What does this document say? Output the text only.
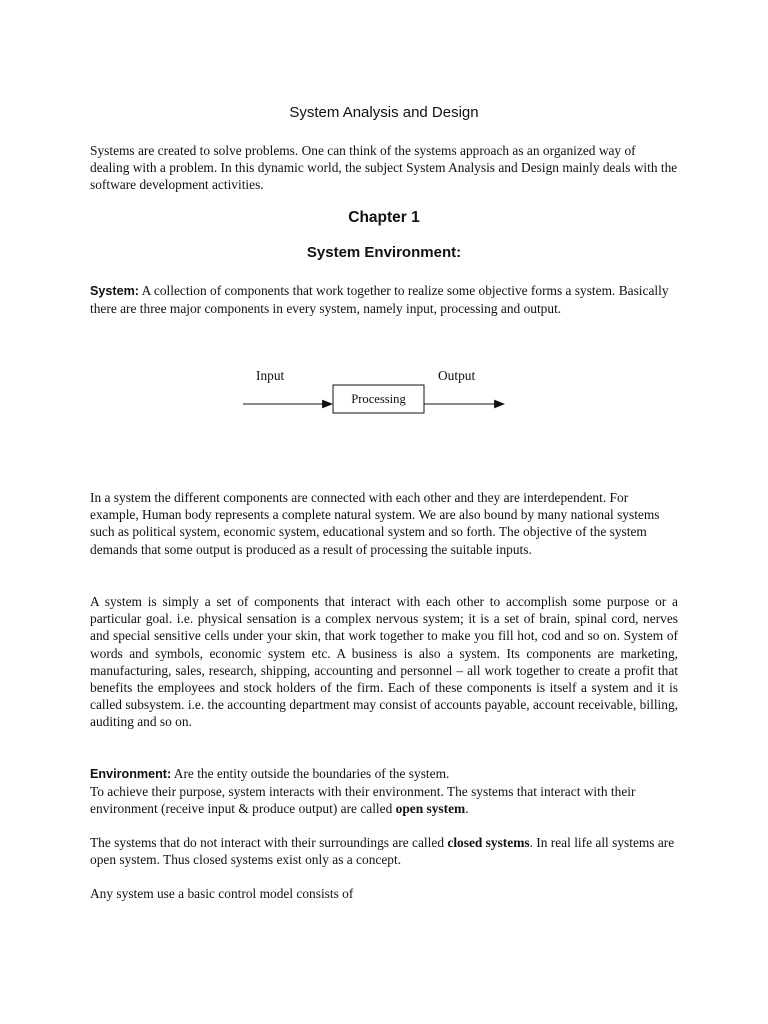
System Analysis and Design

Systems are created to solve problems. One can think of the systems approach as an organized way of dealing with a problem. In this dynamic world, the subject System Analysis and Design mainly deals with the software development activities.

Chapter 1
System Environment:

System: A collection of components that work together to realize some objective forms a system. Basically there are three major components in every system, namely input, processing and output.

Input	Output
Processing

In a system the different components are connected with each other and they are interdependent. For example, Human body represents a complete natural system. We are also bound by many national systems such as political system, economic system, educational system and so forth. The objective of the system demands that some output is produced as a result of processing the suitable inputs.

A system is simply a set of components that interact with each other to accomplish some purpose or a particular goal. i.e. physical sensation is a complex nervous system; it is a set of brain, spinal cord, nerves and special sensitive cells under your skin, that work together to make you fill hot, cod and so on. System of words and symbols, economic system etc. A business is also a system. Its components are marketing, manufacturing, sales, research, shipping, accounting and personnel – all work together to create a profit that benefits the employees and stock holders of the firm. Each of these components is itself a system and it is called subsystem. i.e. the accounting department may consist of accounts payable, account receivable, billing, auditing and so on.

Environment: Are the entity outside the boundaries of the system.
To achieve their purpose, system interacts with their environment. The systems that interact with their environment (receive input & produce output) are called open system.

The systems that do not interact with their surroundings are called closed systems. In real life all systems are open system. Thus closed systems exist only as a concept.

Any system use a basic control model consists of
